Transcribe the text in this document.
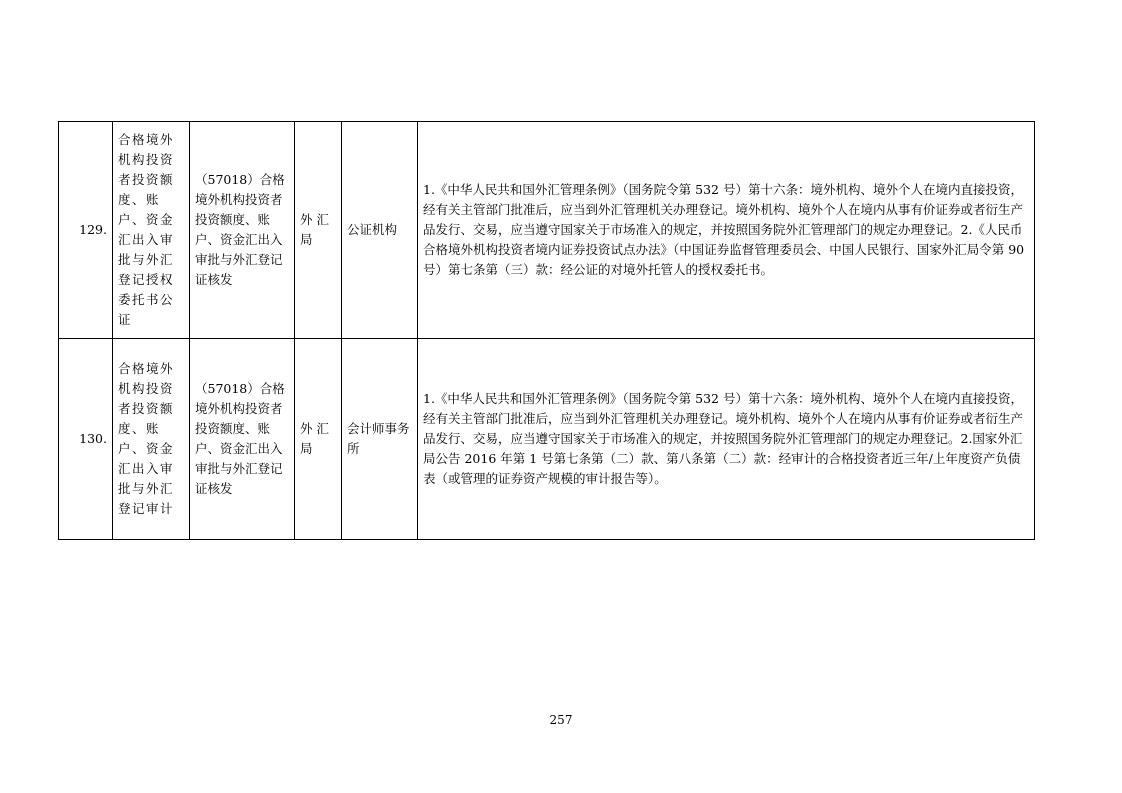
129.	合格境外机构投资者投资额度、账户、资金汇出入审批与外汇登记授权委托书公证	（57018）合格境外机构投资者投资额度、账户、资金汇出入审批与外汇登记证核发	外汇局	公证机构	1.《中华人民共和国外汇管理条例》（国务院令第 532 号）第十六条：境外机构、境外个人在境内直接投资，经有关主管部门批准后，应当到外汇管理机关办理登记。境外机构、境外个人在境内从事有价证券或者衍生产品发行、交易，应当遵守国家关于市场准入的规定，并按照国务院外汇管理部门的规定办理登记。2.《人民币合格境外机构投资者境内证券投资试点办法》（中国证券监督管理委员会、中国人民银行、国家外汇局令第 90 号）第七条第（三）款：经公证的对境外托管人的授权委托书。
130.	合格境外机构投资者投资额度、账户、资金汇出入审批与外汇登记审计	（57018）合格境外机构投资者投资额度、账户、资金汇出入审批与外汇登记证核发	外汇局	会计师事务所	1.《中华人民共和国外汇管理条例》（国务院令第 532 号）第十六条：境外机构、境外个人在境内直接投资，经有关主管部门批准后，应当到外汇管理机关办理登记。境外机构、境外个人在境内从事有价证券或者衍生产品发行、交易，应当遵守国家关于市场准入的规定，并按照国务院外汇管理部门的规定办理登记。2.国家外汇局公告 2016 年第 1 号第七条第（二）款、第八条第（二）款：经审计的合格投资者近三年/上年度资产负债表（或管理的证券资产规模的审计报告等）。
257
